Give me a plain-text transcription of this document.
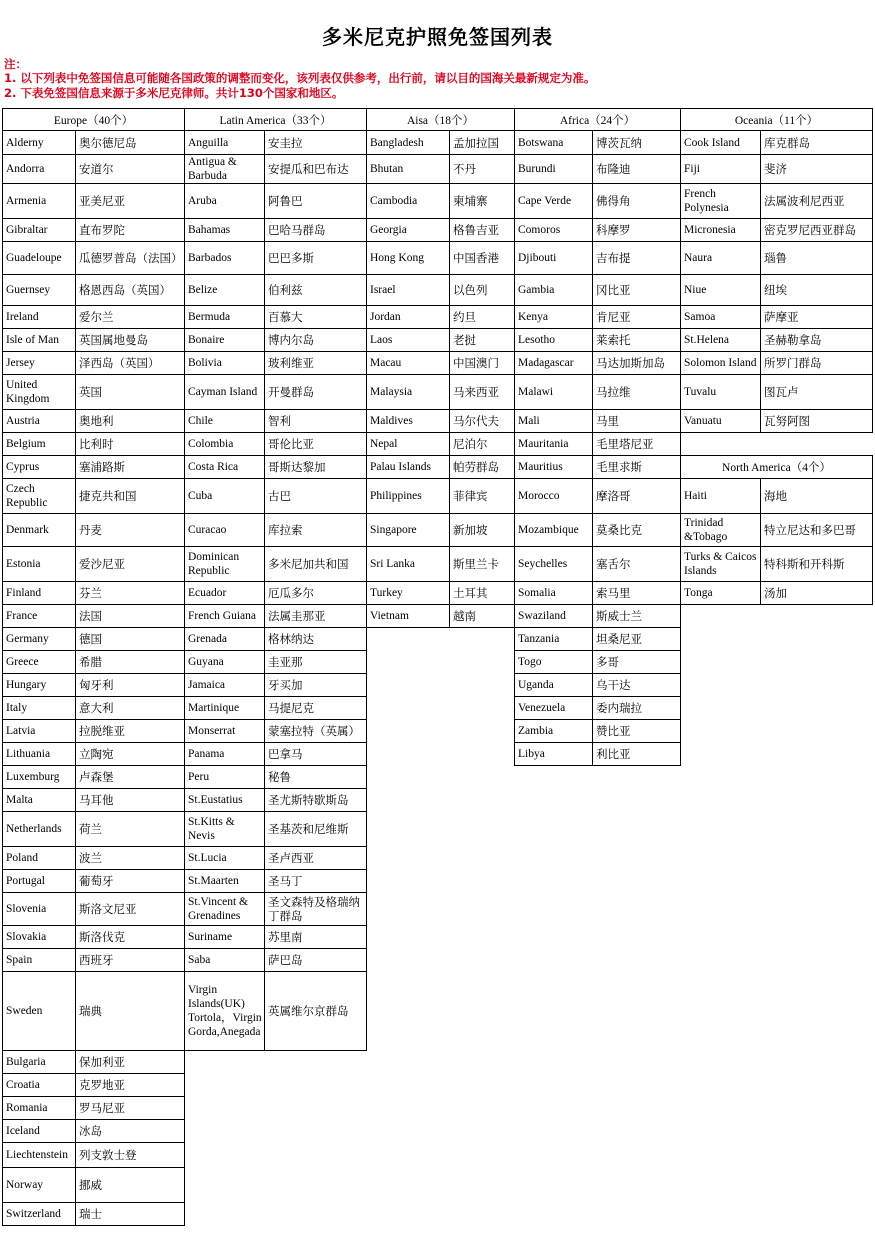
多米尼克护照免签国列表
注：
1. 以下列表中免签国信息可能随各国政策的调整而变化，该列表仅供参考，出行前，请以目的国海关最新规定为准。
2. 下表免签国信息来源于多米尼克律师。共计130个国家和地区。
Europe（40个）
Alderny	奥尔德尼岛
Andorra	安道尔
Armenia	亚美尼亚
Gibraltar	直布罗陀
Guadeloupe	瓜德罗普岛（法国）
Guernsey	格恩西岛（英国）
Ireland	爱尔兰
Isle of Man	英国属地曼岛
Jersey	泽西岛（英国）
United Kingdom	英国
Austria	奥地利
Belgium	比利时
Cyprus	塞浦路斯
Czech Republic	捷克共和国
Denmark	丹麦
Estonia	爱沙尼亚
Finland	芬兰
France	法国
Germany	德国
Greece	希腊
Hungary	匈牙利
Italy	意大利
Latvia	拉脱维亚
Lithuania	立陶宛
Luxemburg	卢森堡
Malta	马耳他
Netherlands	荷兰
Poland	波兰
Portugal	葡萄牙
Slovenia	斯洛文尼亚
Slovakia	斯洛伐克
Spain	西班牙
Sweden	瑞典
Bulgaria	保加利亚
Croatia	克罗地亚
Romania	罗马尼亚
Iceland	冰岛
Liechtenstein 列支敦士登
Norway	挪威
Switzerland	瑞士
Latin America（33个）
Anguilla	安圭拉
Antigua & Barbuda	安提瓜和巴布达
Aruba	阿鲁巴
Bahamas	巴哈马群岛
Barbados	巴巴多斯
Belize	伯利兹
Bermuda	百慕大
Bonaire	博内尔岛
Bolivia	玻利维亚
Cayman Island 开曼群岛
Chile	智利
Colombia	哥伦比亚
Costa Rica	哥斯达黎加
Cuba	古巴
Curacao	库拉索
Dominican Republic	多米尼加共和国
Ecuador	厄瓜多尔
French Guiana	法属圭那亚
Grenada	格林纳达
Guyana	圭亚那
Jamaica	牙买加
Martinique	马提尼克
Monserrat	蒙塞拉特（英属）
Panama	巴拿马
Peru	秘鲁
St.Eustatius	圣尤斯特歇斯岛
St.Kitts & Nevis	圣基茨和尼维斯
St.Lucia	圣卢西亚
St.Maarten	圣马丁
St.Vincent & Grenadines
圣文森特及格瑞纳丁群岛
Suriname	苏里南
Saba	萨巴岛
Virgin Islands(UK) Tortola，Virgin Gorda,Anegada
英属维尔京群岛
Aisa（18个）
Bangladesh	孟加拉国
Bhutan	不丹
Cambodia	柬埔寨
Georgia	格鲁吉亚
Hong Kong	中国香港
Israel	以色列
Jordan	约旦
Laos	老挝
Macau	中国澳门
Malaysia	马来西亚
Maldives	马尔代夫
Nepal	尼泊尔
Palau Islands	帕劳群岛
Philippines	菲律宾
Singapore	新加坡
Sri Lanka	斯里兰卡
Turkey	土耳其
Vietnam	越南
Africa（24个）
Botswana	博茨瓦纳
Burundi	布隆迪
Cape Verde	佛得角
Comoros	科摩罗
Djibouti	吉布提
Gambia	冈比亚
Kenya	肯尼亚
Lesotho	莱索托
Madagascar	马达加斯加岛
Malawi	马拉维
Mali	马里
Mauritania	毛里塔尼亚
Mauritius	毛里求斯
Morocco	摩洛哥
Mozambique	莫桑比克
Seychelles	塞舌尔
Somalia	索马里
Swaziland	斯威士兰
Tanzania	坦桑尼亚
Togo	多哥
Uganda	乌干达
Venezuela	委内瑞拉
Zambia	赞比亚
Libya	利比亚
Oceania（11个）
Cook Island	库克群岛
Fiji	斐济
French Polynesia	法属波利尼西亚
Micronesia	密克罗尼西亚群岛
Naura	瑙鲁
Niue	纽埃
Samoa	萨摩亚
St.Helena	圣赫勒拿岛
Solomon Island 所罗门群岛
Tuvalu	图瓦卢
Vanuatu	瓦努阿图
North America（4个）
Haiti	海地
Trinidad &Tobago	特立尼达和多巴哥
Turks & Caicos Islands	特科斯和开科斯
Tonga	汤加
